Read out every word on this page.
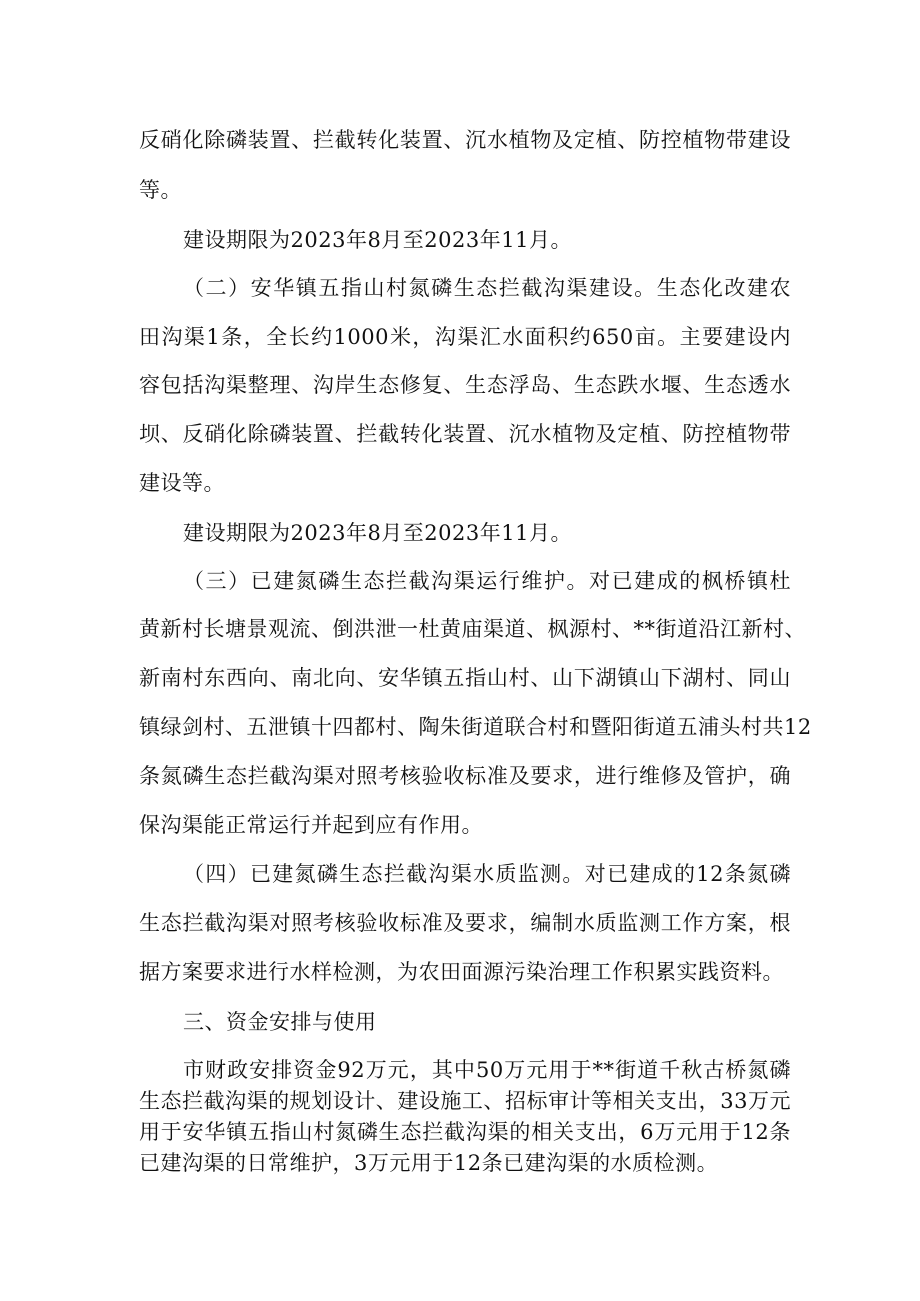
反硝化除磷装置、拦截转化装置、沉水植物及定植、防控植物带建设
等。
建设期限为2023年8月至2023年11月。
（二）安华镇五指山村氮磷生态拦截沟渠建设。生态化改建农
田沟渠1条，全长约1000米，沟渠汇水面积约650亩。主要建设内
容包括沟渠整理、沟岸生态修复、生态浮岛、生态跌水堰、生态透水
坝、反硝化除磷装置、拦截转化装置、沉水植物及定植、防控植物带
建设等。
建设期限为2023年8月至2023年11月。
（三）已建氮磷生态拦截沟渠运行维护。对已建成的枫桥镇杜
黄新村长塘景观流、倒洪泄一杜黄庙渠道、枫源村、**街道沿江新村、
新南村东西向、南北向、安华镇五指山村、山下湖镇山下湖村、同山
镇绿剑村、五泄镇十四都村、陶朱街道联合村和暨阳街道五浦头村共12
条氮磷生态拦截沟渠对照考核验收标准及要求，进行维修及管护，确
保沟渠能正常运行并起到应有作用。
（四）已建氮磷生态拦截沟渠水质监测。对已建成的12条氮磷
生态拦截沟渠对照考核验收标准及要求，编制水质监测工作方案，根
据方案要求进行水样检测，为农田面源污染治理工作积累实践资料。
三、资金安排与使用
市财政安排资金92万元，其中50万元用于**街道千秋古桥氮磷
生态拦截沟渠的规划设计、建设施工、招标审计等相关支出，33万元
用于安华镇五指山村氮磷生态拦截沟渠的相关支出，6万元用于12条
已建沟渠的日常维护，3万元用于12条已建沟渠的水质检测。
